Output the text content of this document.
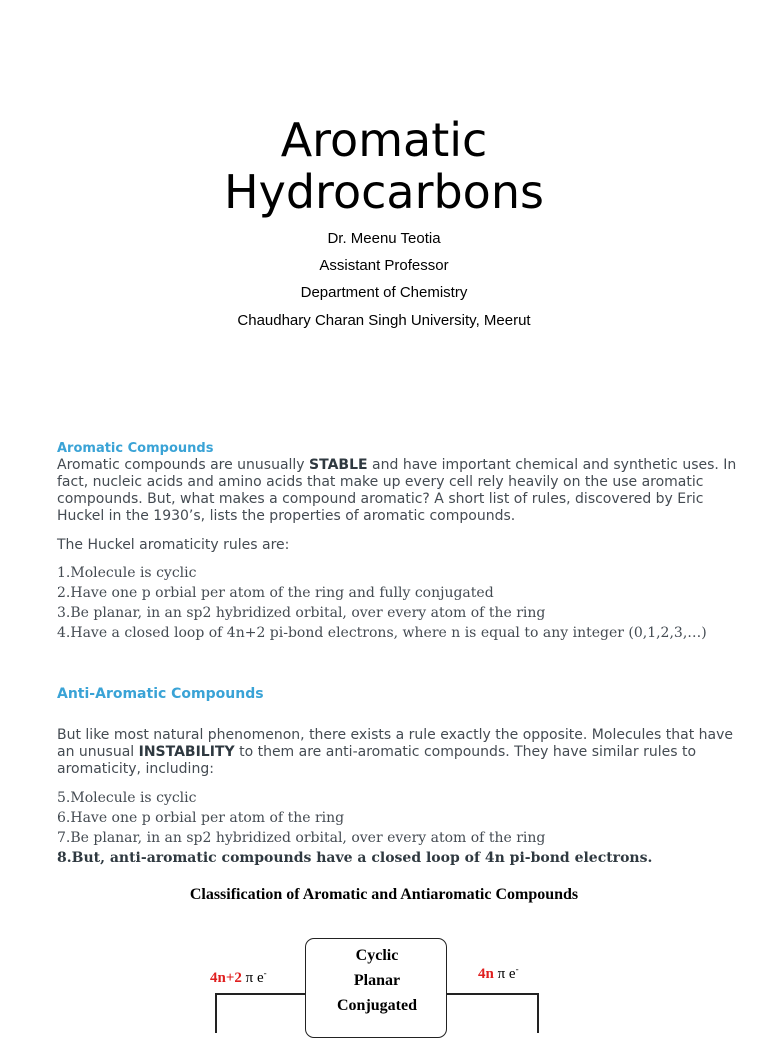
Aromatic
Hydrocarbons
Dr. Meenu Teotia
Assistant Professor
Department of Chemistry
Chaudhary Charan Singh University, Meerut
Aromatic Compounds
Aromatic compounds are unusually STABLE and have important chemical and synthetic uses. In fact, nucleic acids and amino acids that make up every cell rely heavily on the use aromatic compounds. But, what makes a compound aromatic? A short list of rules, discovered by Eric Huckel in the 1930’s, lists the properties of aromatic compounds.
The Huckel aromaticity rules are:
1.Molecule is cyclic
2.Have one p orbial per atom of the ring and fully conjugated
3.Be planar, in an sp2 hybridized orbital, over every atom of the ring
4.Have a closed loop of 4n+2 pi-bond electrons, where n is equal to any integer (0,1,2,3,…)
Anti-Aromatic Compounds
But like most natural phenomenon, there exists a rule exactly the opposite. Molecules that have an unusual INSTABILITY to them are anti-aromatic compounds. They have similar rules to aromaticity, including:
5.Molecule is cyclic
6.Have one p orbial per atom of the ring
7.Be planar, in an sp2 hybridized orbital, over every atom of the ring
8.But, anti-aromatic compounds have a closed loop of 4n pi-bond electrons.
Classification of Aromatic and Antiaromatic Compounds
Cyclic
Planar
Conjugated
4n+2 π e-	4n π e-
